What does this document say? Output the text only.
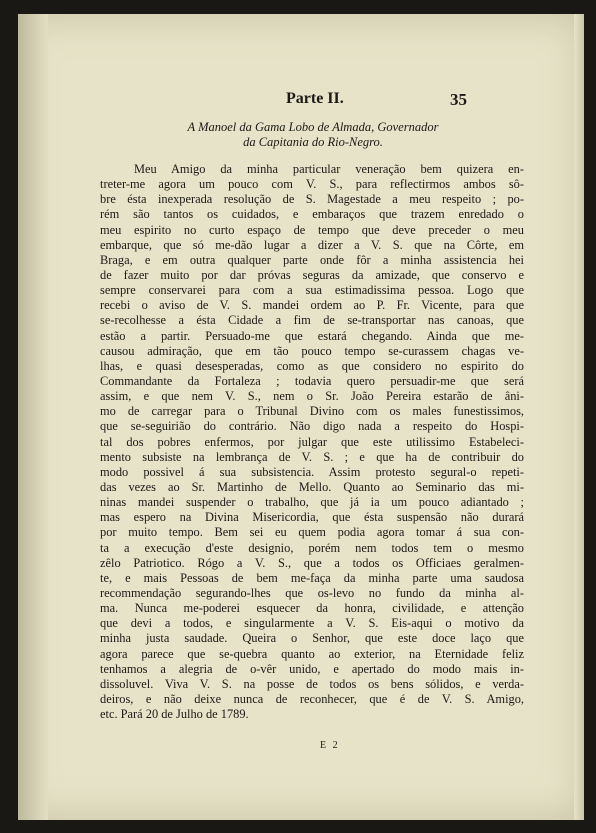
Parte II.	35
A Manoel da Gama Lobo de Almada, Governador
da Capitania do Rio-Negro.
Meu Amigo da minha particular veneração bem quizera en-
treter-me agora um pouco com V. S., para reflectirmos ambos sô-
bre ésta inexperada resolução de S. Magestade a meu respeito ; po-
rém são tantos os cuidados, e embaraços que trazem enredado o
meu espirito no curto espaço de tempo que deve preceder o meu
embarque, que só me-dão lugar a dizer a V. S. que na Côrte, em
Braga, e em outra qualquer parte onde fôr a minha assistencia hei
de fazer muito por dar próvas seguras da amizade, que conservo e
sempre conservarei para com a sua estimadissima pessoa. Logo que
recebi o aviso de V. S. mandei ordem ao P. Fr. Vicente, para que
se-recolhesse a ésta Cidade a fim de se-transportar nas canoas, que
estão a partir. Persuado-me que estará chegando. Ainda que me-
causou admiração, que em tão pouco tempo se-curassem chagas ve-
lhas, e quasi desesperadas, como as que considero no espirito do
Commandante da Fortaleza ; todavia quero persuadir-me que será
assim, e que nem V. S., nem o Sr. João Pereira estarão de âni-
mo de carregar para o Tribunal Divino com os males funestissimos,
que se-seguirião do contrário. Não digo nada a respeito do Hospi-
tal dos pobres enfermos, por julgar que este utilissimo Estabeleci-
mento subsiste na lembrança de V. S. ; e que ha de contribuir do
modo possivel á sua subsistencia. Assim protesto segural-o repeti-
das vezes ao Sr. Martinho de Mello. Quanto ao Seminario das mi-
ninas mandei suspender o trabalho, que já ia um pouco adiantado ;
mas espero na Divina Misericordia, que ésta suspensão não durará
por muito tempo. Bem sei eu quem podia agora tomar á sua con-
ta a execução d'este designio, porém nem todos tem o mesmo
zêlo Patriotico. Rógo a V. S., que a todos os Officiaes geralmen-
te, e mais Pessoas de bem me-faça da minha parte uma saudosa
recommendação segurando-lhes que os-levo no fundo da minha al-
ma. Nunca me-poderei esquecer da honra, civilidade, e attenção
que devi a todos, e singularmente a V. S. Eis-aqui o motivo da
minha justa saudade. Queira o Senhor, que este doce laço que
agora parece que se-quebra quanto ao exterior, na Eternidade feliz
tenhamos a alegria de o-vêr unido, e apertado do modo mais in-
dissoluvel. Viva V. S. na posse de todos os bens sólidos, e verda-
deiros, e não deixe nunca de reconhecer, que é de V. S. Amigo,
etc. Pará 20 de Julho de 1789.
E 2
